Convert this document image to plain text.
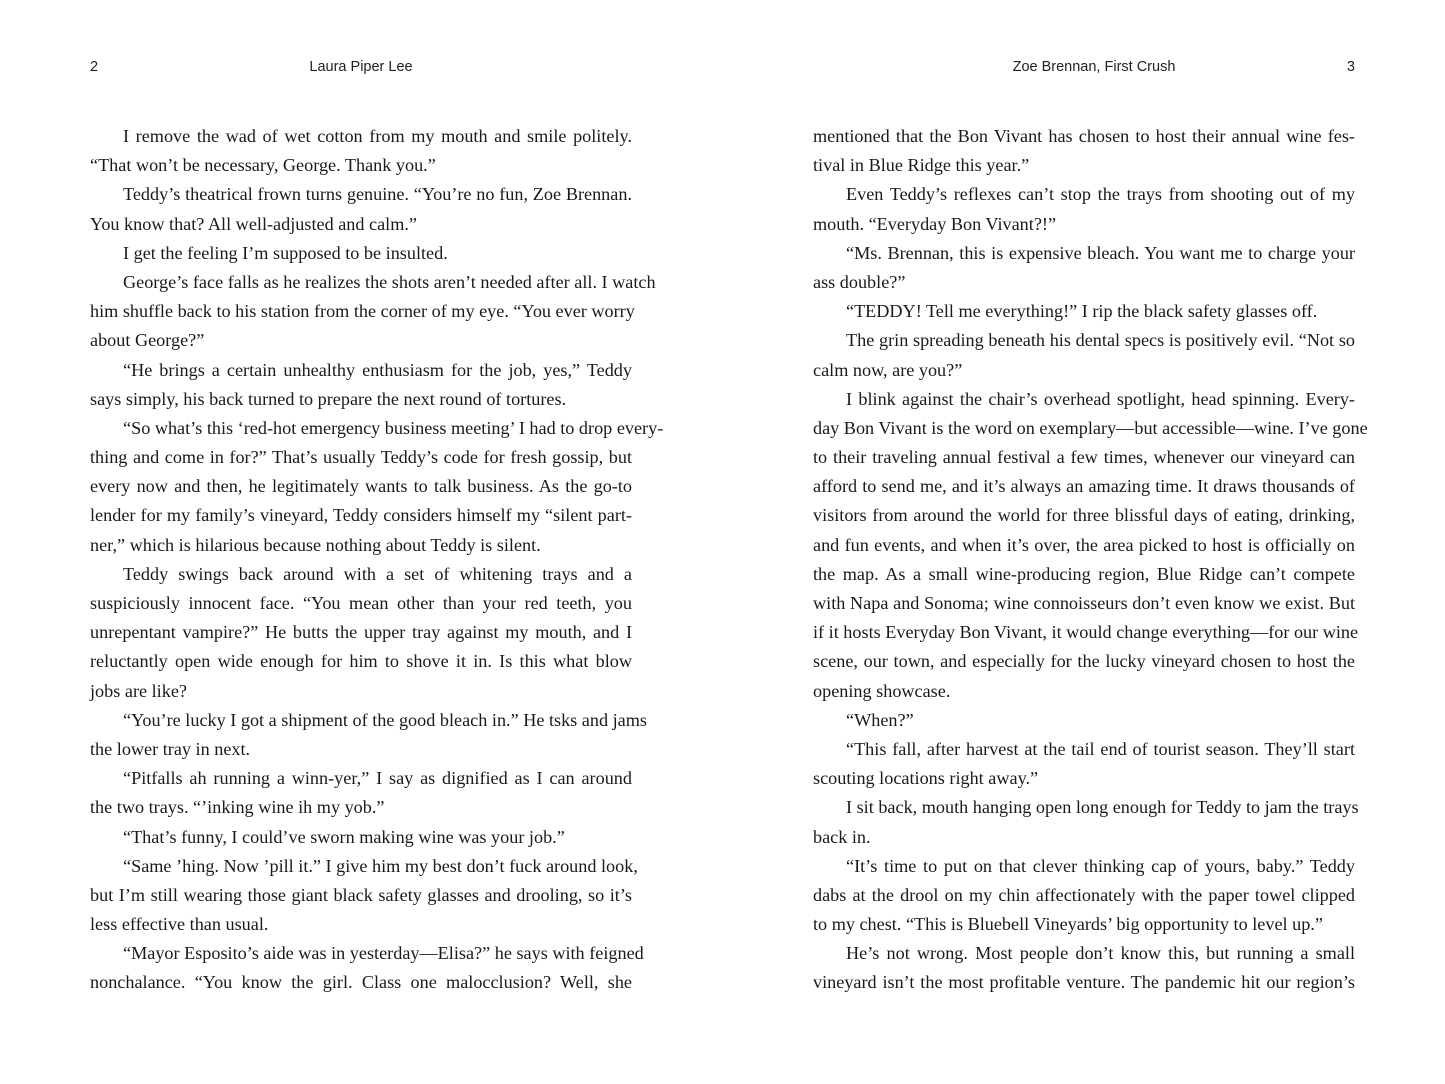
2	Laura Piper Lee
I remove the wad of wet cotton from my mouth and smile politely.
“That won’t be necessary, George. Thank you.”
Teddy’s theatrical frown turns genuine. “You’re no fun, Zoe Brennan.
You know that? All well-adjusted and calm.”
I get the feeling I’m supposed to be insulted.
George’s face falls as he realizes the shots aren’t needed after all. I watch
him shuffle back to his station from the corner of my eye. “You ever worry
about George?”
“He brings a certain unhealthy enthusiasm for the job, yes,” Teddy
says simply, his back turned to prepare the next round of tortures.
“So what’s this ‘red-hot emergency business meeting’ I had to drop every-
thing and come in for?” That’s usually Teddy’s code for fresh gossip, but
every now and then, he legitimately wants to talk business. As the go-to
lender for my family’s vineyard, Teddy considers himself my “silent part-
ner,” which is hilarious because nothing about Teddy is silent.
Teddy swings back around with a set of whitening trays and a
suspiciously innocent face. “You mean other than your red teeth, you
unrepentant vampire?” He butts the upper tray against my mouth, and I
reluctantly open wide enough for him to shove it in. Is this what blow
jobs are like?
“You’re lucky I got a shipment of the good bleach in.” He tsks and jams
the lower tray in next.
“Pitfalls ah running a winn-yer,” I say as dignified as I can around
the two trays. “’inking wine ih my yob.”
“That’s funny, I could’ve sworn making wine was your job.”
“Same ’hing. Now ’pill it.” I give him my best don’t fuck around look,
but I’m still wearing those giant black safety glasses and drooling, so it’s
less effective than usual.
“Mayor Esposito’s aide was in yesterday—Elisa?” he says with feigned
nonchalance. “You know the girl. Class one malocclusion? Well, she
Zoe Brennan, First Crush	3
mentioned that the Bon Vivant has chosen to host their annual wine fes-
tival in Blue Ridge this year.”
Even Teddy’s reflexes can’t stop the trays from shooting out of my
mouth. “Everyday Bon Vivant?!”
“Ms. Brennan, this is expensive bleach. You want me to charge your
ass double?”
“TEDDY! Tell me everything!” I rip the black safety glasses off.
The grin spreading beneath his dental specs is positively evil. “Not so
calm now, are you?”
I blink against the chair’s overhead spotlight, head spinning. Every-
day Bon Vivant is the word on exemplary—but accessible—wine. I’ve gone
to their traveling annual festival a few times, whenever our vineyard can
afford to send me, and it’s always an amazing time. It draws thousands of
visitors from around the world for three blissful days of eating, drinking,
and fun events, and when it’s over, the area picked to host is officially on
the map. As a small wine-producing region, Blue Ridge can’t compete
with Napa and Sonoma; wine connoisseurs don’t even know we exist. But
if it hosts Everyday Bon Vivant, it would change everything—for our wine
scene, our town, and especially for the lucky vineyard chosen to host the
opening showcase.
“When?”
“This fall, after harvest at the tail end of tourist season. They’ll start
scouting locations right away.”
I sit back, mouth hanging open long enough for Teddy to jam the trays
back in.
“It’s time to put on that clever thinking cap of yours, baby.” Teddy
dabs at the drool on my chin affectionately with the paper towel clipped
to my chest. “This is Bluebell Vineyards’ big opportunity to level up.”
He’s not wrong. Most people don’t know this, but running a small
vineyard isn’t the most profitable venture. The pandemic hit our region’s
